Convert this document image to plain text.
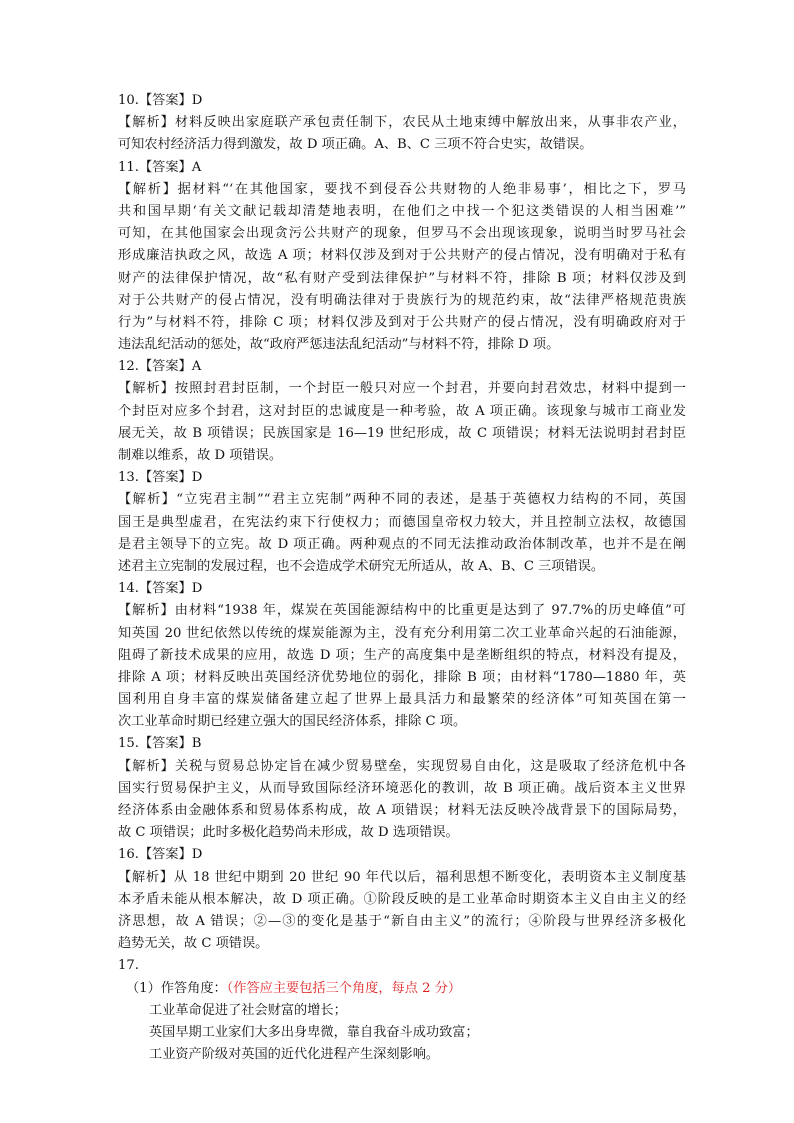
10.【答案】D
【解析】材料反映出家庭联产承包责任制下，农民从土地束缚中解放出来，从事非农产业，
可知农村经济活力得到激发，故 D 项正确。A、B、C 三项不符合史实，故错误。
11.【答案】A
【解析】据材料“‘在其他国家，要找不到侵吞公共财物的人绝非易事’，相比之下，罗马
共和国早期‘有关文献记载却清楚地表明，在他们之中找一个犯这类错误的人相当困难’”
可知，在其他国家会出现贪污公共财产的现象，但罗马不会出现该现象，说明当时罗马社会
形成廉洁执政之风，故选 A 项；材料仅涉及到对于公共财产的侵占情况，没有明确对于私有
财产的法律保护情况，故“私有财产受到法律保护”与材料不符，排除 B 项；材料仅涉及到
对于公共财产的侵占情况，没有明确法律对于贵族行为的规范约束，故“法律严格规范贵族
行为”与材料不符，排除 C 项；材料仅涉及到对于公共财产的侵占情况，没有明确政府对于
违法乱纪活动的惩处，故“政府严惩违法乱纪活动”与材料不符，排除 D 项。
12.【答案】A
【解析】按照封君封臣制，一个封臣一般只对应一个封君，并要向封君效忠，材料中提到一
个封臣对应多个封君，这对封臣的忠诚度是一种考验，故 A 项正确。该现象与城市工商业发
展无关，故 B 项错误；民族国家是 16—19 世纪形成，故 C 项错误；材料无法说明封君封臣
制难以维系，故 D 项错误。
13.【答案】D
【解析】“立宪君主制”“君主立宪制”两种不同的表述，是基于英德权力结构的不同，英国
国王是典型虚君，在宪法约束下行使权力；而德国皇帝权力较大，并且控制立法权，故德国
是君主领导下的立宪。故 D 项正确。两种观点的不同无法推动政治体制改革，也并不是在阐
述君主立宪制的发展过程，也不会造成学术研究无所适从，故 A、B、C 三项错误。
14.【答案】D
【解析】由材料“1938 年，煤炭在英国能源结构中的比重更是达到了 97.7%的历史峰值”可
知英国 20 世纪依然以传统的煤炭能源为主，没有充分利用第二次工业革命兴起的石油能源，
阻碍了新技术成果的应用，故选 D 项；生产的高度集中是垄断组织的特点，材料没有提及，
排除 A 项；材料反映出英国经济优势地位的弱化，排除 B 项；由材料“1780—1880 年，英
国利用自身丰富的煤炭储备建立起了世界上最具活力和最繁荣的经济体”可知英国在第一
次工业革命时期已经建立强大的国民经济体系，排除 C 项。
15.【答案】B
【解析】关税与贸易总协定旨在减少贸易壁垒，实现贸易自由化，这是吸取了经济危机中各
国实行贸易保护主义，从而导致国际经济环境恶化的教训，故 B 项正确。战后资本主义世界
经济体系由金融体系和贸易体系构成，故 A 项错误；材料无法反映冷战背景下的国际局势，
故 C 项错误；此时多极化趋势尚未形成，故 D 选项错误。
16.【答案】D
【解析】从 18 世纪中期到 20 世纪 90 年代以后，福利思想不断变化，表明资本主义制度基
本矛盾未能从根本解决，故 D 项正确。①阶段反映的是工业革命时期资本主义自由主义的经
济思想，故 A 错误；②—③的变化是基于“新自由主义”的流行；④阶段与世界经济多极化
趋势无关，故 C 项错误。
17.
（1）作答角度：（作答应主要包括三个角度，每点 2 分）
工业革命促进了社会财富的增长；
英国早期工业家们大多出身卑微，靠自我奋斗成功致富；
工业资产阶级对英国的近代化进程产生深刻影响。
